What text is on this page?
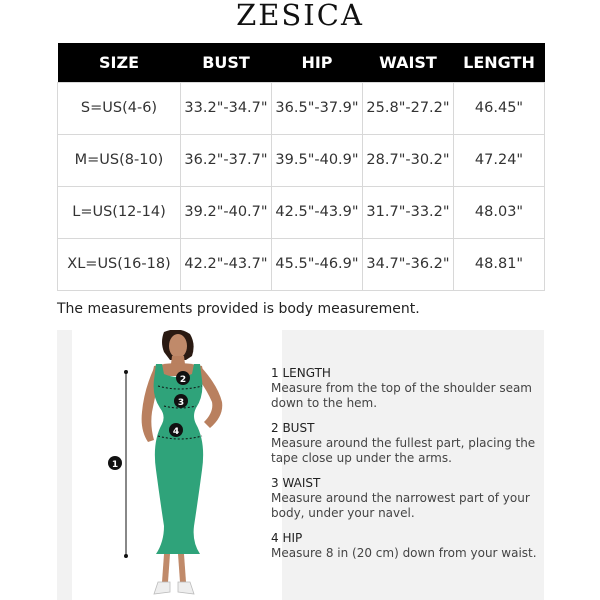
ZESICA
SIZE	BUST	HIP	WAIST	LENGTH
S=US(4-6)	33.2"-34.7"	36.5"-37.9"	25.8"-27.2"	46.45"
M=US(8-10)	36.2"-37.7"	39.5"-40.9"	28.7"-30.2"	47.24"
L=US(12-14)	39.2"-40.7"	42.5"-43.9"	31.7"-33.2"	48.03"
XL=US(16-18)	42.2"-43.7"	45.5"-46.9"	34.7"-36.2"	48.81"
The measurements provided is body measurement.
1
2
3
4
1 LENGTH
Measure from the top of the shoulder seam down to the hem.
2 BUST
Measure around the fullest part, placing the tape close up under the arms.
3 WAIST
Measure around the narrowest part of your body, under your navel.
4 HIP
Measure 8 in (20 cm) down from your waist.
